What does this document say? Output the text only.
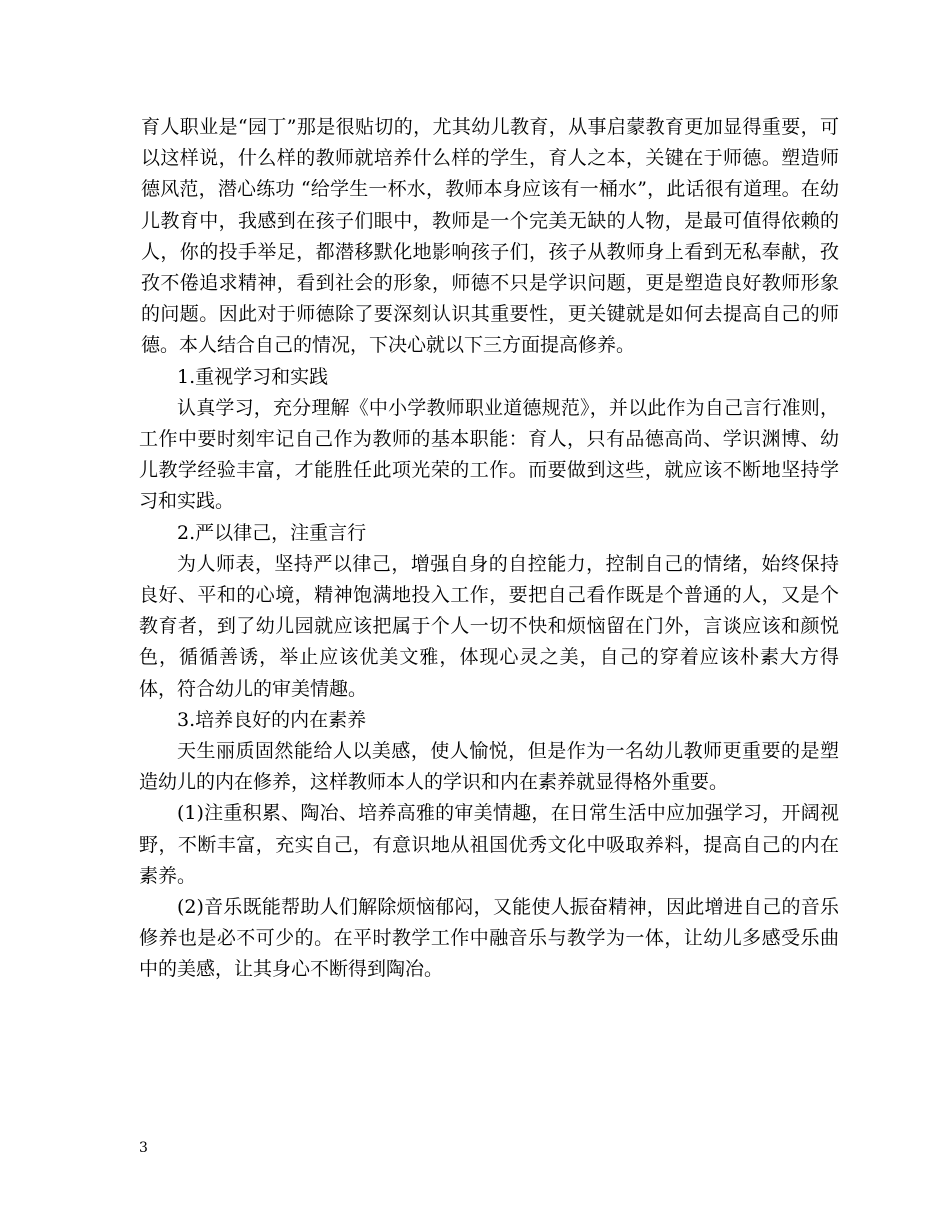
育人职业是“园丁”那是很贴切的，尤其幼儿教育，从事启蒙教育更加显得重要，可以这样说，什么样的教师就培养什么样的学生，育人之本，关键在于师德。塑造师德风范，潜心练功 “给学生一杯水，教师本身应该有一桶水”，此话很有道理。在幼儿教育中，我感到在孩子们眼中，教师是一个完美无缺的人物，是最可值得依赖的人，你的投手举足，都潜移默化地影响孩子们，孩子从教师身上看到无私奉献，孜孜不倦追求精神，看到社会的形象，师德不只是学识问题，更是塑造良好教师形象的问题。因此对于师德除了要深刻认识其重要性，更关键就是如何去提高自己的师德。本人结合自己的情况，下决心就以下三方面提高修养。

1.重视学习和实践

认真学习，充分理解《中小学教师职业道德规范》，并以此作为自己言行准则，工作中要时刻牢记自己作为教师的基本职能：育人，只有品德高尚、学识渊博、幼儿教学经验丰富，才能胜任此项光荣的工作。而要做到这些，就应该不断地坚持学习和实践。

2.严以律己，注重言行

为人师表，坚持严以律己，增强自身的自控能力，控制自己的情绪，始终保持良好、平和的心境，精神饱满地投入工作，要把自己看作既是个普通的人，又是个教育者，到了幼儿园就应该把属于个人一切不快和烦恼留在门外，言谈应该和颜悦色，循循善诱，举止应该优美文雅，体现心灵之美，自己的穿着应该朴素大方得体，符合幼儿的审美情趣。

3.培养良好的内在素养

天生丽质固然能给人以美感，使人愉悦，但是作为一名幼儿教师更重要的是塑造幼儿的内在修养，这样教师本人的学识和内在素养就显得格外重要。

(1)注重积累、陶冶、培养高雅的审美情趣，在日常生活中应加强学习，开阔视野，不断丰富，充实自己，有意识地从祖国优秀文化中吸取养料，提高自己的内在素养。

(2)音乐既能帮助人们解除烦恼郁闷，又能使人振奋精神，因此增进自己的音乐修养也是必不可少的。在平时教学工作中融音乐与教学为一体，让幼儿多感受乐曲中的美感，让其身心不断得到陶冶。

3
